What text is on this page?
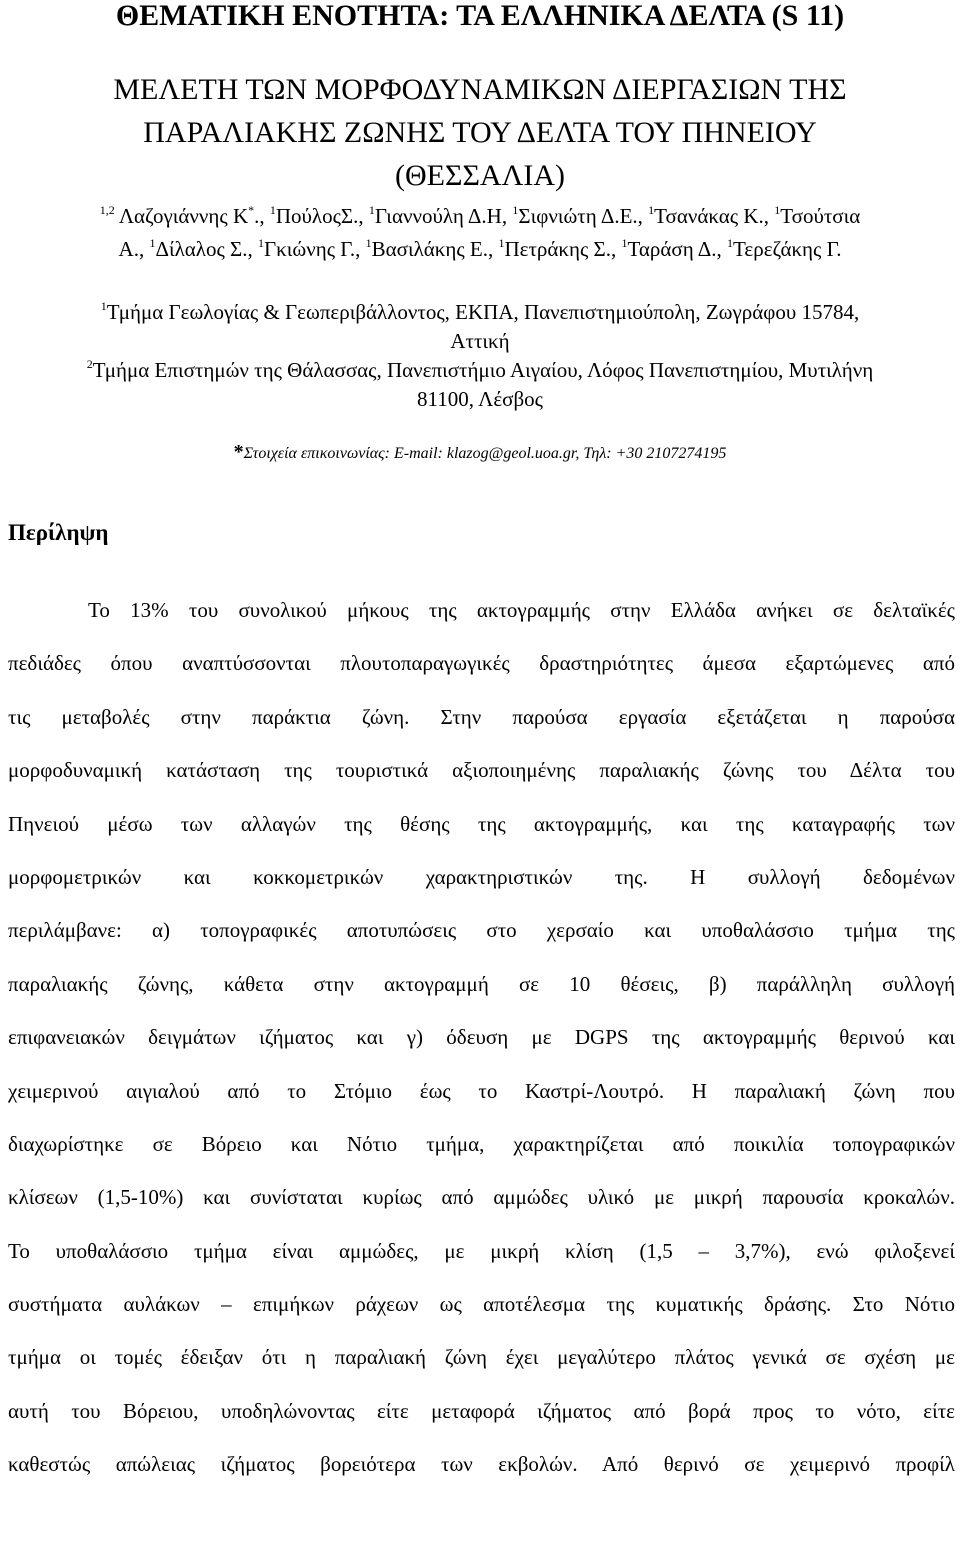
ΘΕΜΑΤΙΚΗ ΕΝΟΤΗΤΑ: ΤΑ ΕΛΛΗΝΙΚΑ ΔΕΛΤΑ (S 11)
ΜΕΛΕΤΗ ΤΩΝ ΜΟΡΦΟΔΥΝΑΜΙΚΩΝ ΔΙΕΡΓΑΣΙΩΝ ΤΗΣ
ΠΑΡΑΛΙΑΚΗΣ ΖΩΝΗΣ ΤΟΥ ΔΕΛΤΑ ΤΟΥ ΠΗΝΕΙΟΥ
(ΘΕΣΣΑΛΙΑ)
$^{1,2}$ Λαζογιάννης Κ*., $^1$ΠούλοςΣ., $^1$Γιαννούλη Δ.Η, $^1$Σιφνιώτη Δ.Ε., $^1$Τσανάκας Κ., $^1$Τσούτσια
Α., $^1$Δίλαλος Σ., $^1$Γκιώνης Γ., $^1$Βασιλάκης Ε., $^1$Πετράκης Σ., $^1$Ταράση Δ., $^1$Τερεζάκης Γ.
$^1$Τμήμα Γεωλογίας & Γεωπεριβάλλοντος, ΕΚΠΑ, Πανεπιστημιούπολη, Ζωγράφου 15784,
Αττική
$^2$Τμήμα Επιστημών της Θάλασσας, Πανεπιστήμιο Αιγαίου, Λόφος Πανεπιστημίου, Μυτιλήνη
81100, Λέσβος
*Στοιχεία επικοινωνίας: E-mail: klazog@geol.uoa.gr, Τηλ: +30 2107274195
Περίληψη
Το 13% του συνολικού μήκους της ακτογραμμής στην Ελλάδα ανήκει σε δελταϊκές
πεδιάδες όπου αναπτύσσονται πλουτοπαραγωγικές δραστηριότητες άμεσα εξαρτώμενες από
τις μεταβολές στην παράκτια ζώνη. Στην παρούσα εργασία εξετάζεται η παρούσα
μορφοδυναμική κατάσταση της τουριστικά αξιοποιημένης παραλιακής ζώνης του Δέλτα του
Πηνειού μέσω των αλλαγών της θέσης της ακτογραμμής, και της καταγραφής των
μορφομετρικών και κοκκομετρικών χαρακτηριστικών της. Η συλλογή δεδομένων
περιλάμβανε: α) τοπογραφικές αποτυπώσεις στο χερσαίο και υποθαλάσσιο τμήμα της
παραλιακής ζώνης, κάθετα στην ακτογραμμή σε 10 θέσεις, β) παράλληλη συλλογή
επιφανειακών δειγμάτων ιζήματος και γ) όδευση με DGPS της ακτογραμμής θερινού και
χειμερινού αιγιαλού από το Στόμιο έως το Καστρί-Λουτρό. Η παραλιακή ζώνη που
διαχωρίστηκε σε Βόρειο και Νότιο τμήμα, χαρακτηρίζεται από ποικιλία τοπογραφικών
κλίσεων (1,5-10%) και συνίσταται κυρίως από αμμώδες υλικό με μικρή παρουσία κροκαλών.
Το υποθαλάσσιο τμήμα είναι αμμώδες, με μικρή κλίση (1,5 – 3,7%), ενώ φιλοξενεί
συστήματα αυλάκων – επιμήκων ράχεων ως αποτέλεσμα της κυματικής δράσης. Στο Νότιο
τμήμα οι τομές έδειξαν ότι η παραλιακή ζώνη έχει μεγαλύτερο πλάτος γενικά σε σχέση με
αυτή του Βόρειου, υποδηλώνοντας είτε μεταφορά ιζήματος από βορά προς το νότο, είτε
καθεστώς απώλειας ιζήματος βορειότερα των εκβολών. Από θερινό σε χειμερινό προφίλ
